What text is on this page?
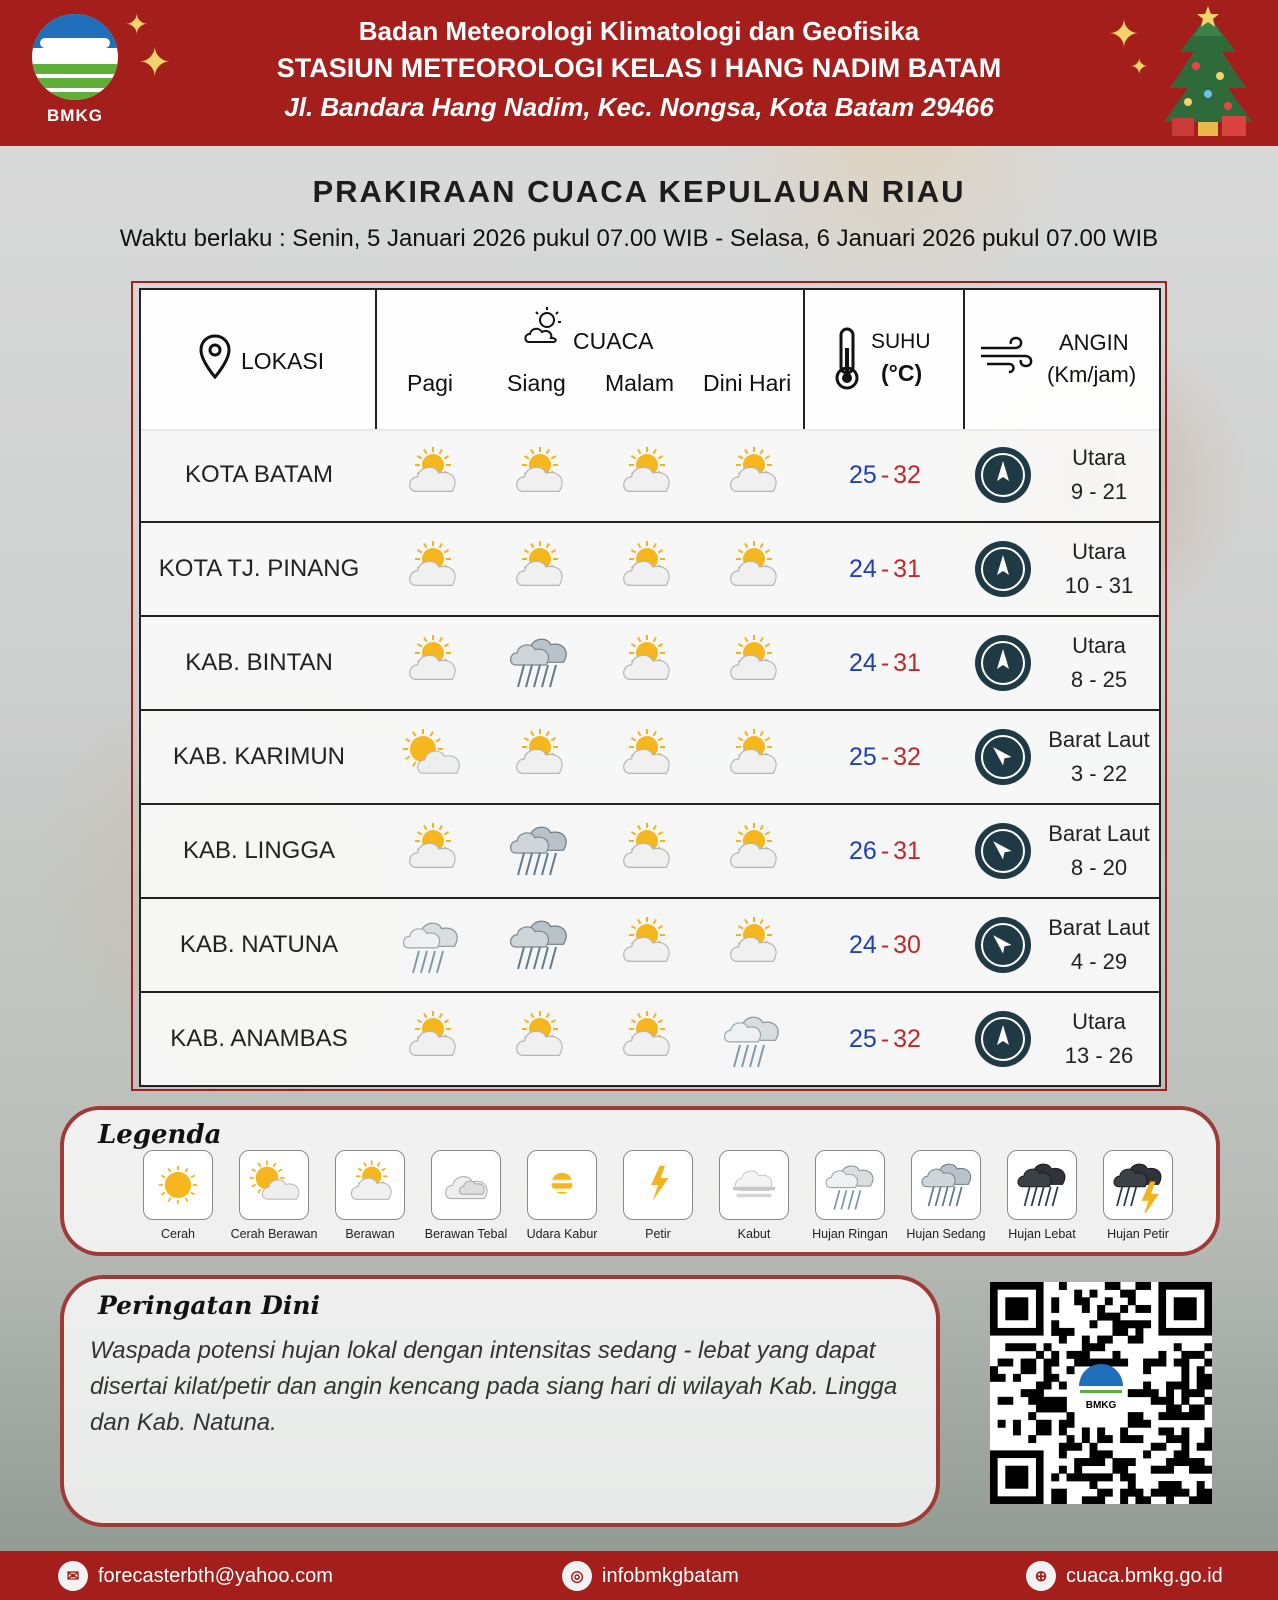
BMKG
✦
✦
Badan Meteorologi Klimatologi dan Geofisika
STASIUN METEOROLOGI KELAS I HANG NADIM BATAM
Jl. Bandara Hang Nadim, Kec. Nongsa, Kota Batam 29466
✦
✦
PRAKIRAAN CUACA KEPULAUAN RIAU
Waktu berlaku : Senin, 5 Januari 2026 pukul 07.00 WIB - Selasa, 6 Januari 2026 pukul 07.00 WIB
LOKASI
CUACA
Pagi Siang Malam Dini Hari
SUHU
(°C)
ANGIN
(Km/jam)
KOTA BATAM	25 - 32
Utara
9 - 21
KOTA TJ. PINANG	24 - 31
Utara
10 - 31
KAB. BINTAN	24 - 31
Utara
8 - 25
KAB. KARIMUN	25 - 32
Barat Laut
3 - 22
KAB. LINGGA	26 - 31
Barat Laut
8 - 20
KAB. NATUNA	24 - 30
Barat Laut
4 - 29
KAB. ANAMBAS	25 - 32
Utara
13 - 26
Legenda
Cerah	Cerah Berawan	Berawan	Berawan Tebal	Udara Kabur	Petir	Kabut	Hujan Ringan	Hujan Sedang	Hujan Lebat	Hujan Petir
Peringatan Dini
Waspada potensi hujan lokal dengan intensitas sedang - lebat yang dapat disertai kilat/petir dan angin kencang pada siang hari di wilayah Kab. Lingga dan Kab. Natuna.
BMKG
✉ forecasterbth@yahoo.com	◎ infobmkgbatam	⊕ cuaca.bmkg.go.id
